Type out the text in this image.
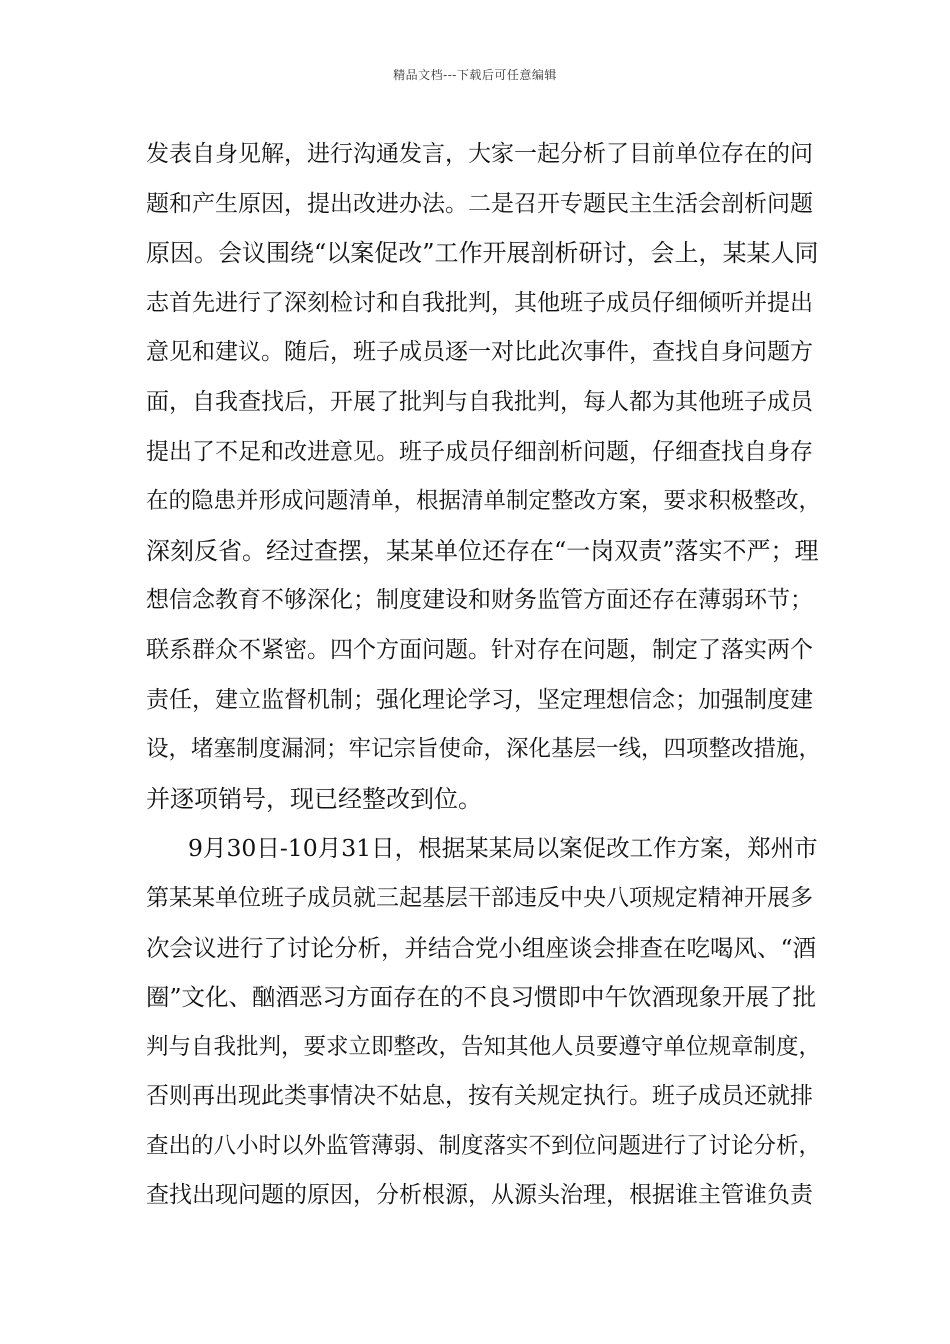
精品文档---下载后可任意编辑
发表自身见解，进行沟通发言，大家一起分析了目前单位存在的问
题和产生原因，提出改进办法。二是召开专题民主生活会剖析问题
原因。会议围绕“以案促改”工作开展剖析研讨，会上，某某人同
志首先进行了深刻检讨和自我批判，其他班子成员仔细倾听并提出
意见和建议。随后，班子成员逐一对比此次事件，查找自身问题方
面，自我查找后，开展了批判与自我批判，每人都为其他班子成员
提出了不足和改进意见。班子成员仔细剖析问题，仔细查找自身存
在的隐患并形成问题清单，根据清单制定整改方案，要求积极整改，
深刻反省。经过查摆，某某单位还存在“一岗双责”落实不严；理
想信念教育不够深化；制度建设和财务监管方面还存在薄弱环节；
联系群众不紧密。四个方面问题。针对存在问题，制定了落实两个
责任，建立监督机制；强化理论学习，坚定理想信念；加强制度建
设，堵塞制度漏洞；牢记宗旨使命，深化基层一线，四项整改措施，
并逐项销号，现已经整改到位。
9月30日-10月31日，根据某某局以案促改工作方案，郑州市
第某某单位班子成员就三起基层干部违反中央八项规定精神开展多
次会议进行了讨论分析，并结合党小组座谈会排查在吃喝风、“酒
圈”文化、酗酒恶习方面存在的不良习惯即中午饮酒现象开展了批
判与自我批判，要求立即整改，告知其他人员要遵守单位规章制度，
否则再出现此类事情决不姑息，按有关规定执行。班子成员还就排
查出的八小时以外监管薄弱、制度落实不到位问题进行了讨论分析，
查找出现问题的原因，分析根源，从源头治理，根据谁主管谁负责
